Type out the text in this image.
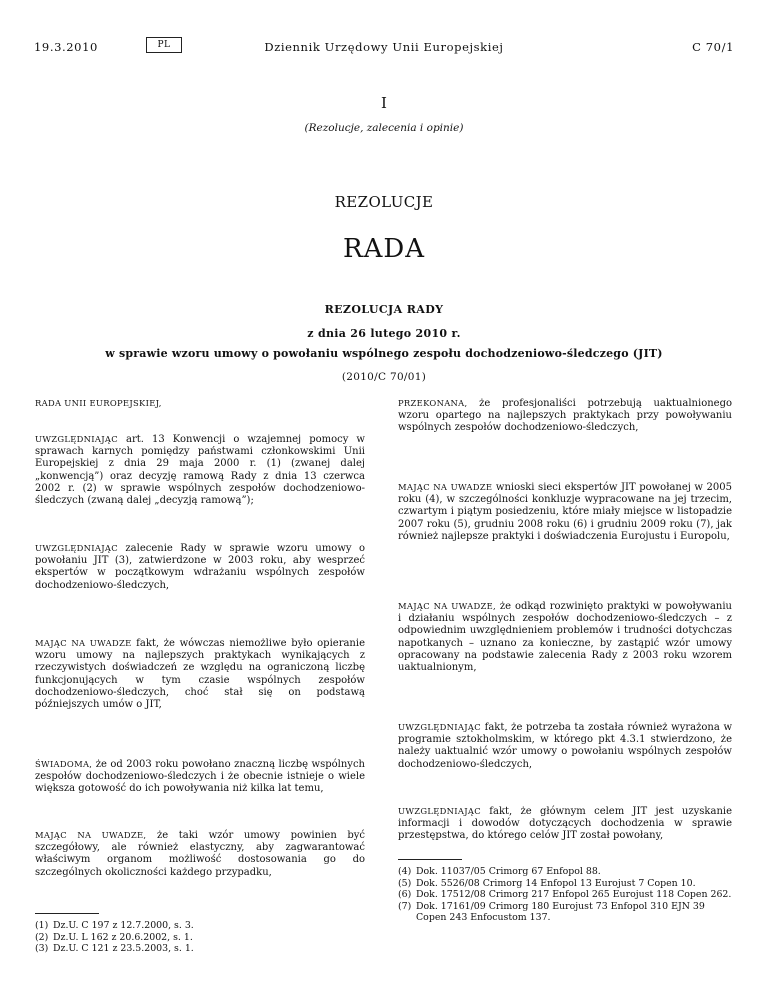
19.3.2010	PL	Dziennik Urzędowy Unii Europejskiej	C 70/1
I
(Rezolucje, zalecenia i opinie)
REZOLUCJE
RADA
REZOLUCJA RADY
z dnia 26 lutego 2010 r.
w sprawie wzoru umowy o powołaniu wspólnego zespołu dochodzeniowo-śledczego (JIT)
(2010/C 70/01)

RADA UNII EUROPEJSKIEJ,

UWZGLĘDNIAJĄC art. 13 Konwencji o wzajemnej pomocy w sprawach karnych pomiędzy państwami członkowskimi Unii Europejskiej z dnia 29 maja 2000 r. (1) (zwanej dalej „konwencją”) oraz decyzję ramową Rady z dnia 13 czerwca 2002 r. (2) w sprawie wspólnych zespołów dochodzeniowo-śledczych (zwaną dalej „decyzją ramową”);

UWZGLĘDNIAJĄC zalecenie Rady w sprawie wzoru umowy o powołaniu JIT (3), zatwierdzone w 2003 roku, aby wesprzeć ekspertów w początkowym wdrażaniu wspólnych zespołów dochodzeniowo-śledczych,

MAJĄC NA UWADZE fakt, że wówczas niemożliwe było opieranie wzoru umowy na najlepszych praktykach wynikających z rzeczywistych doświadczeń ze względu na ograniczoną liczbę funkcjonujących w tym czasie wspólnych zespołów dochodzeniowo-śledczych, choć stał się on podstawą późniejszych umów o JIT,

ŚWIADOMA, że od 2003 roku powołano znaczną liczbę wspólnych zespołów dochodzeniowo-śledczych i że obecnie istnieje o wiele większa gotowość do ich powoływania niż kilka lat temu,

MAJĄC NA UWADZE, że taki wzór umowy powinien być szczegółowy, ale również elastyczny, aby zagwarantować właściwym organom możliwość dostosowania go do szczególnych okoliczności każdego przypadku,

(1) Dz.U. C 197 z 12.7.2000, s. 3.
(2) Dz.U. L 162 z 20.6.2002, s. 1.
(3) Dz.U. C 121 z 23.5.2003, s. 1.

PRZEKONANA, że profesjonaliści potrzebują uaktualnionego wzoru opartego na najlepszych praktykach przy powoływaniu wspólnych zespołów dochodzeniowo-śledczych,

MAJĄC NA UWADZE wnioski sieci ekspertów JIT powołanej w 2005 roku (4), w szczególności konkluzje wypracowane na jej trzecim, czwartym i piątym posiedzeniu, które miały miejsce w listopadzie 2007 roku (5), grudniu 2008 roku (6) i grudniu 2009 roku (7), jak również najlepsze praktyki i doświadczenia Eurojustu i Europolu,

MAJĄC NA UWADZE, że odkąd rozwinięto praktyki w powoływaniu i działaniu wspólnych zespołów dochodzeniowo-śledczych – z odpowiednim uwzględnieniem problemów i trudności dotychczas napotkanych – uznano za konieczne, by zastąpić wzór umowy opracowany na podstawie zalecenia Rady z 2003 roku wzorem uaktualnionym,

UWZGLĘDNIAJĄC fakt, że potrzeba ta została również wyrażona w programie sztokholmskim, w którego pkt 4.3.1 stwierdzono, że należy uaktualnić wzór umowy o powołaniu wspólnych zespołów dochodzeniowo-śledczych,

UWZGLĘDNIAJĄC fakt, że głównym celem JIT jest uzyskanie informacji i dowodów dotyczących dochodzenia w sprawie przestępstwa, do którego celów JIT został powołany,

(4) Dok. 11037/05 Crimorg 67 Enfopol 88.
(5) Dok. 5526/08 Crimorg 14 Enfopol 13 Eurojust 7 Copen 10.
(6) Dok. 17512/08 Crimorg 217 Enfopol 265 Eurojust 118 Copen 262.
(7) Dok. 17161/09 Crimorg 180 Eurojust 73 Enfopol 310 EJN 39 Copen 243 Enfocustom 137.
